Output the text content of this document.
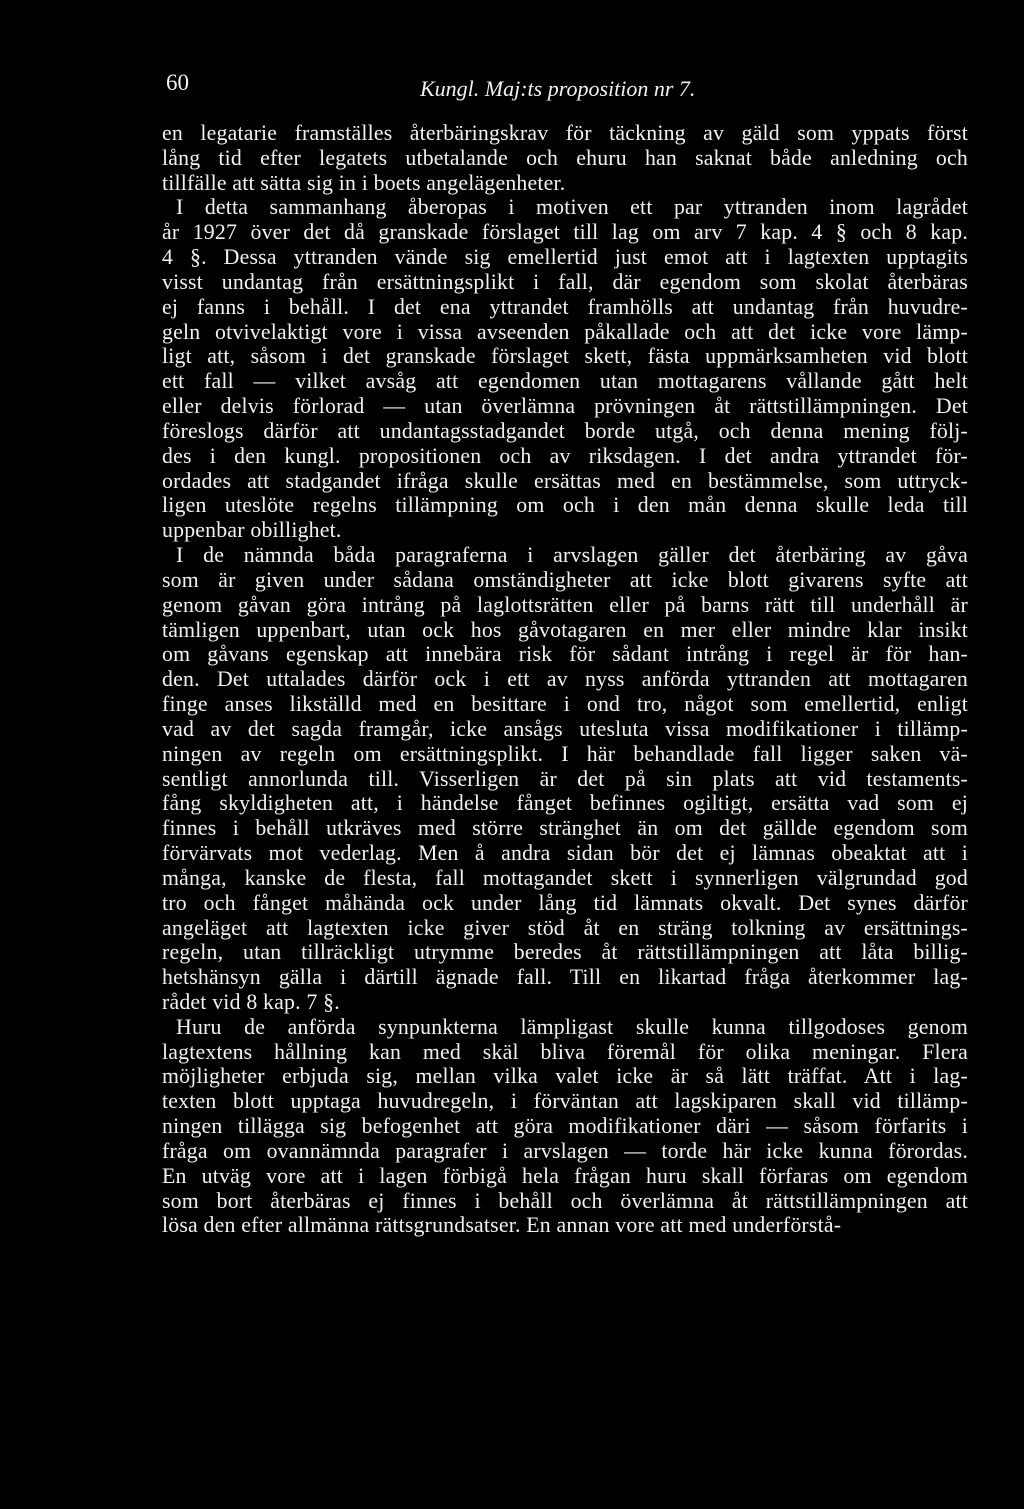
60	Kungl. Maj:ts proposition nr 7.
en legatarie framställes återbäringskrav för täckning av gäld som yppats först
lång tid efter legatets utbetalande och ehuru han saknat både anledning och
tillfälle att sätta sig in i boets angelägenheter.
I detta sammanhang åberopas i motiven ett par yttranden inom lagrådet
år 1927 över det då granskade förslaget till lag om arv 7 kap. 4 § och 8 kap.
4 §. Dessa yttranden vände sig emellertid just emot att i lagtexten upptagits
visst undantag från ersättningsplikt i fall, där egendom som skolat återbäras
ej fanns i behåll. I det ena yttrandet framhölls att undantag från huvudre-
geln otvivelaktigt vore i vissa avseenden påkallade och att det icke vore lämp-
ligt att, såsom i det granskade förslaget skett, fästa uppmärksamheten vid blott
ett fall — vilket avsåg att egendomen utan mottagarens vållande gått helt
eller delvis förlorad — utan överlämna prövningen åt rättstillämpningen. Det
föreslogs därför att undantagsstadgandet borde utgå, och denna mening följ-
des i den kungl. propositionen och av riksdagen. I det andra yttrandet för-
ordades att stadgandet ifråga skulle ersättas med en bestämmelse, som uttryck-
ligen uteslöte regelns tillämpning om och i den mån denna skulle leda till
uppenbar obillighet.
I de nämnda båda paragraferna i arvslagen gäller det återbäring av gåva
som är given under sådana omständigheter att icke blott givarens syfte att
genom gåvan göra intrång på laglottsrätten eller på barns rätt till underhåll är
tämligen uppenbart, utan ock hos gåvotagaren en mer eller mindre klar insikt
om gåvans egenskap att innebära risk för sådant intrång i regel är för han-
den. Det uttalades därför ock i ett av nyss anförda yttranden att mottagaren
finge anses likställd med en besittare i ond tro, något som emellertid, enligt
vad av det sagda framgår, icke ansågs utesluta vissa modifikationer i tillämp-
ningen av regeln om ersättningsplikt. I här behandlade fall ligger saken vä-
sentligt annorlunda till. Visserligen är det på sin plats att vid testaments-
fång skyldigheten att, i händelse fånget befinnes ogiltigt, ersätta vad som ej
finnes i behåll utkräves med större stränghet än om det gällde egendom som
förvärvats mot vederlag. Men å andra sidan bör det ej lämnas obeaktat att i
många, kanske de flesta, fall mottagandet skett i synnerligen välgrundad god
tro och fånget måhända ock under lång tid lämnats okvalt. Det synes därför
angeläget att lagtexten icke giver stöd åt en sträng tolkning av ersättnings-
regeln, utan tillräckligt utrymme beredes åt rättstillämpningen att låta billig-
hetshänsyn gälla i därtill ägnade fall. Till en likartad fråga återkommer lag-
rådet vid 8 kap. 7 §.
Huru de anförda synpunkterna lämpligast skulle kunna tillgodoses genom
lagtextens hållning kan med skäl bliva föremål för olika meningar. Flera
möjligheter erbjuda sig, mellan vilka valet icke är så lätt träffat. Att i lag-
texten blott upptaga huvudregeln, i förväntan att lagskiparen skall vid tillämp-
ningen tillägga sig befogenhet att göra modifikationer däri — såsom förfarits i
fråga om ovannämnda paragrafer i arvslagen — torde här icke kunna förordas.
En utväg vore att i lagen förbigå hela frågan huru skall förfaras om egendom
som bort återbäras ej finnes i behåll och överlämna åt rättstillämpningen att
lösa den efter allmänna rättsgrundsatser. En annan vore att med underförstå-
